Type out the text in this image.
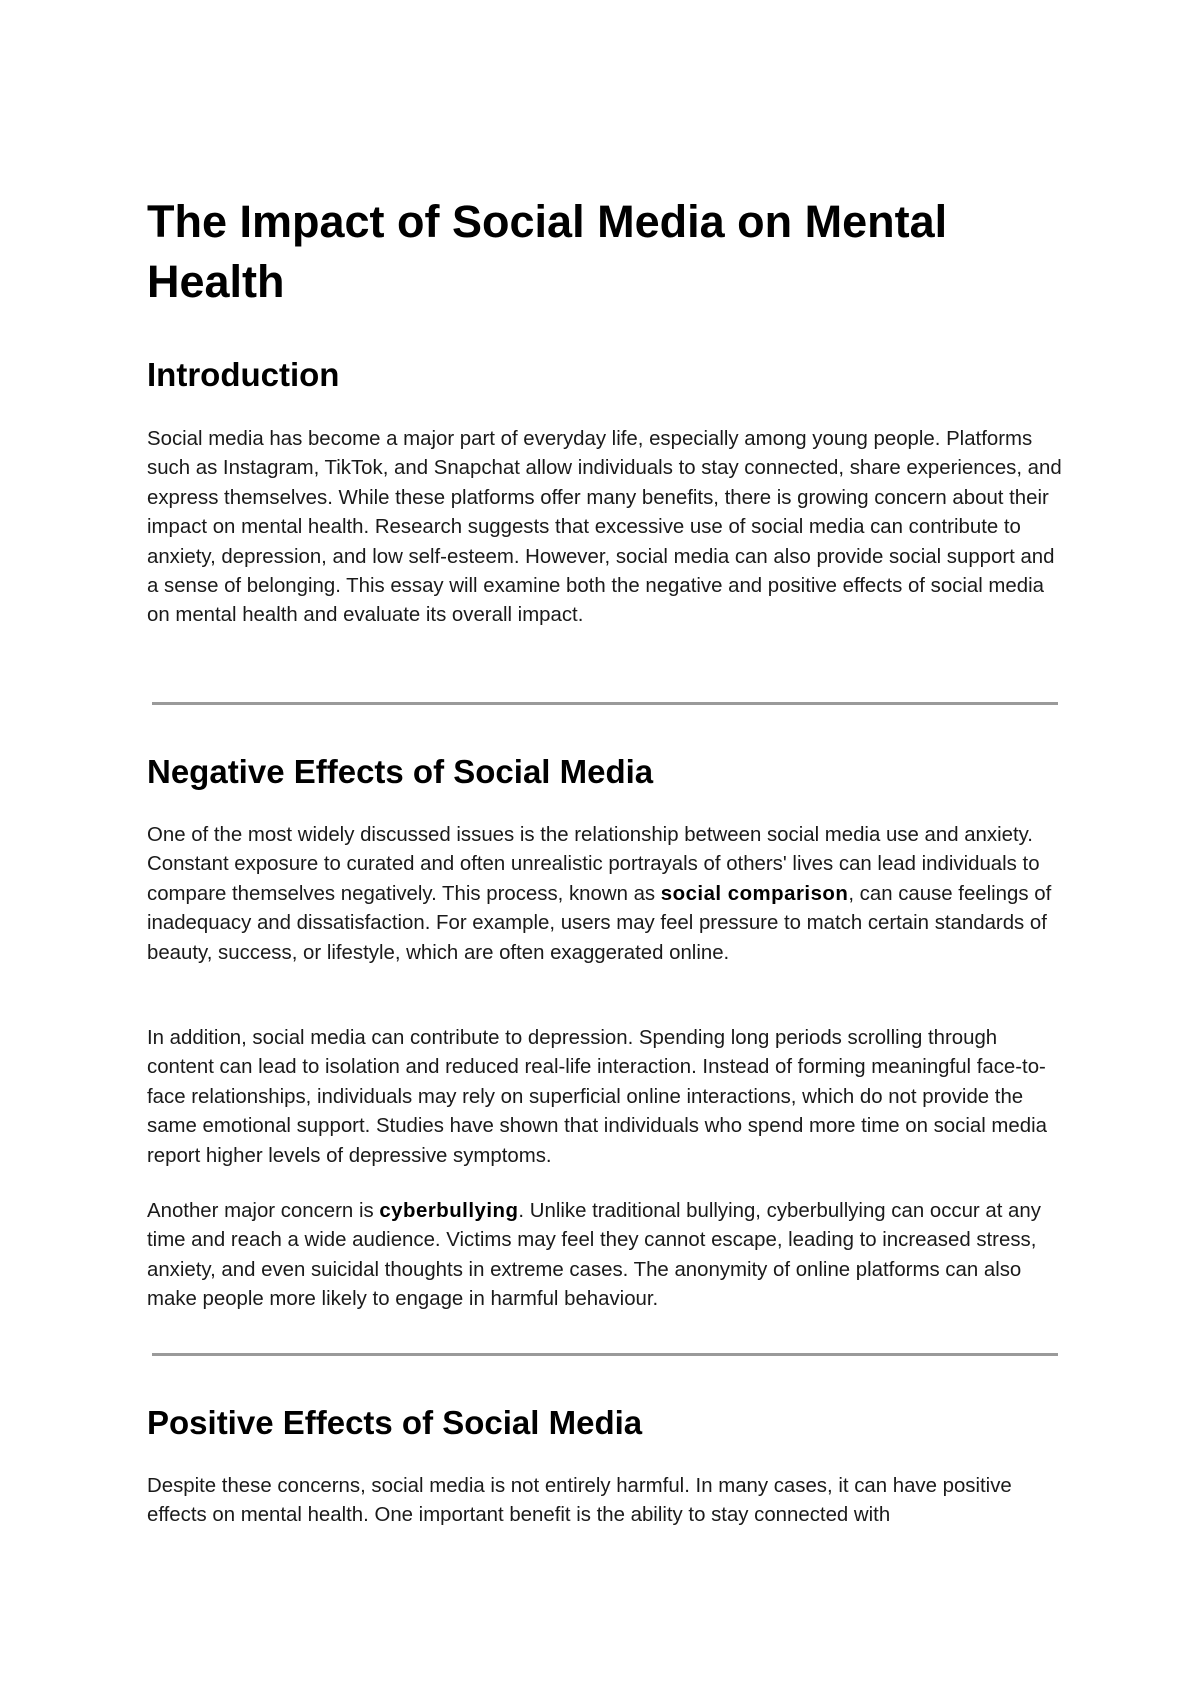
The Impact of Social Media on Mental Health
Introduction

Social media has become a major part of everyday life, especially among young people. Platforms such as Instagram, TikTok, and Snapchat allow individuals to stay connected, share experiences, and express themselves. While these platforms offer many benefits, there is growing concern about their impact on mental health. Research suggests that excessive use of social media can contribute to anxiety, depression, and low self-esteem. However, social media can also provide social support and a sense of belonging. This essay will examine both the negative and positive effects of social media on mental health and evaluate its overall impact.

Negative Effects of Social Media

One of the most widely discussed issues is the relationship between social media use and anxiety. Constant exposure to curated and often unrealistic portrayals of others' lives can lead individuals to compare themselves negatively. This process, known as social comparison, can cause feelings of inadequacy and dissatisfaction. For example, users may feel pressure to match certain standards of beauty, success, or lifestyle, which are often exaggerated online.

In addition, social media can contribute to depression. Spending long periods scrolling through content can lead to isolation and reduced real-life interaction. Instead of forming meaningful face-to-face relationships, individuals may rely on superficial online interactions, which do not provide the same emotional support. Studies have shown that individuals who spend more time on social media report higher levels of depressive symptoms.

Another major concern is cyberbullying. Unlike traditional bullying, cyberbullying can occur at any time and reach a wide audience. Victims may feel they cannot escape, leading to increased stress, anxiety, and even suicidal thoughts in extreme cases. The anonymity of online platforms can also make people more likely to engage in harmful behaviour.

Positive Effects of Social Media

Despite these concerns, social media is not entirely harmful. In many cases, it can have positive effects on mental health. One important benefit is the ability to stay connected with
